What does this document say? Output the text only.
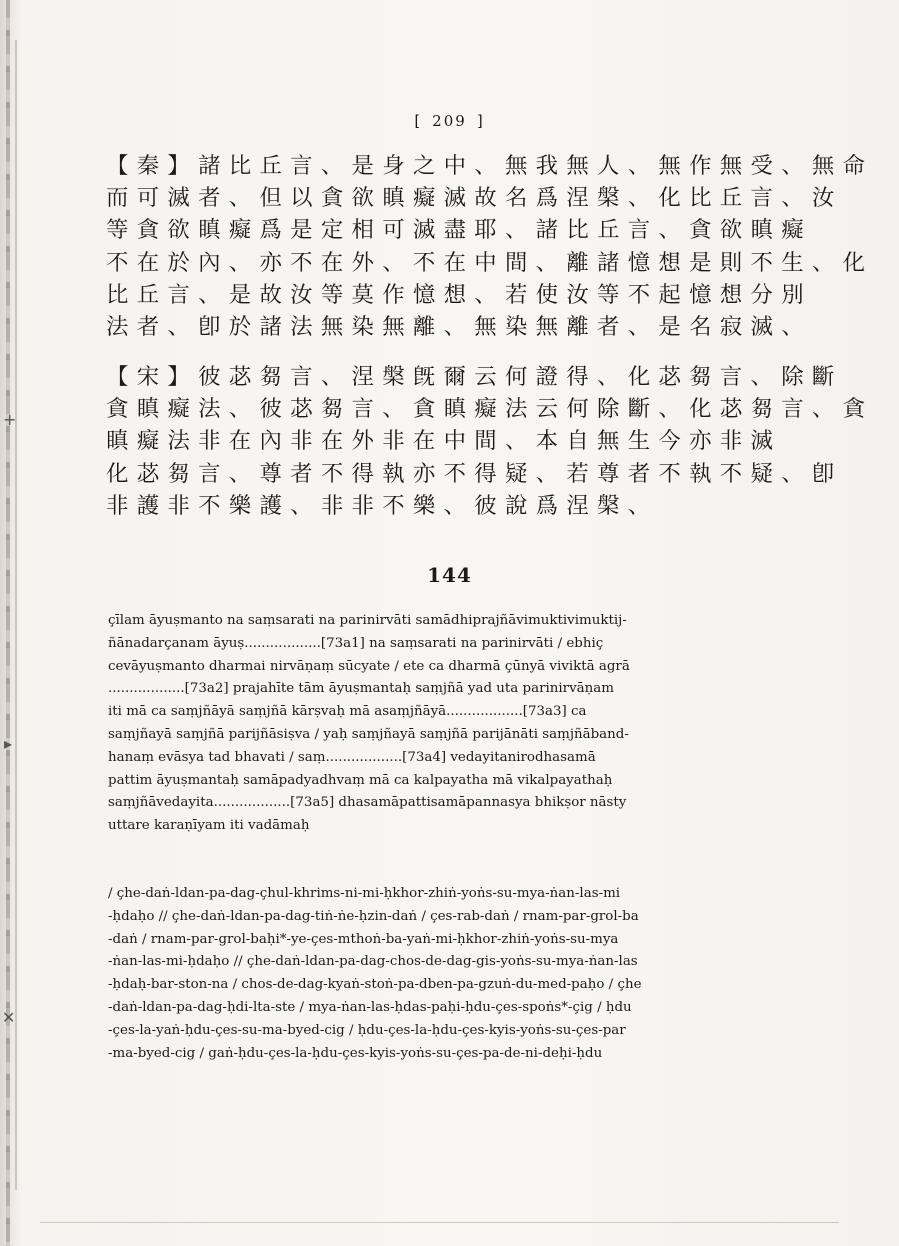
+
▸
✕
[ 209 ]
【秦】諸比丘言、是身之中、無我無人、無作無受、無命
而可滅者、但以貪欲瞋癡滅故名爲涅槃、化比丘言、汝
等貪欲瞋癡爲是定相可滅盡耶、諸比丘言、貪欲瞋癡
不在於內、亦不在外、不在中間、離諸憶想是則不生、化
比丘言、是故汝等莫作憶想、若使汝等不起憶想分別
法者、卽於諸法無染無離、無染無離者、是名寂滅、
【宋】彼苾芻言、涅槃旣爾云何證得、化苾芻言、除斷
貪瞋癡法、彼苾芻言、貪瞋癡法云何除斷、化苾芻言、貪
瞋癡法非在內非在外非在中間、本自無生今亦非滅
化苾芻言、尊者不得執亦不得疑、若尊者不執不疑、卽
非護非不樂護、非非不樂、彼說爲涅槃、
144
çīlam āyuṣmanto na saṃsarati na parinirvāti samādhiprajñāvimuktivimuktij-
ñānadarçanam āyuṣ..................[73a1] na saṃsarati na parinirvāti / ebhiç
cevāyuṣmanto dharmai nirvāṇaṃ sūcyate / ete ca dharmā çūnyā viviktā agrā
..................[73a2] prajahīte tām āyuṣmantaḥ saṃjñā yad uta parinirvāṇam
iti mā ca saṃjñāyā saṃjñā kārṣvaḥ mā asaṃjñāyā..................[73a3] ca
saṃjñayā saṃjñā parijñāsiṣva / yaḥ saṃjñayā saṃjñā parijānāti saṃjñāband-
hanaṃ evāsya tad bhavati / saṃ..................[73a4] vedayitanirodhasamā
pattim āyuṣmantaḥ samāpadyadhvaṃ mā ca kalpayatha mā vikalpayathaḥ
saṃjñāvedayita..................[73a5] dhasamāpattisamāpannasya bhikṣor nāsty
uttare karaṇīyam iti vadāmaḥ
/ çhe-daṅ-ldan-pa-dag-çhul-khrims-ni-mi-ḥkhor-zhiṅ-yoṅs-su-mya-ṅan-las-mi
-ḥdaḥo // çhe-daṅ-ldan-pa-dag-tiṅ-ṅe-ḥzin-daṅ / çes-rab-daṅ / rnam-par-grol-ba
-daṅ / rnam-par-grol-baḥi*-ye-çes-mthoṅ-ba-yaṅ-mi-ḥkhor-zhiṅ-yoṅs-su-mya
-ṅan-las-mi-ḥdaḥo // çhe-daṅ-ldan-pa-dag-chos-de-dag-gis-yoṅs-su-mya-ṅan-las
-ḥdaḥ-bar-ston-na / chos-de-dag-kyaṅ-stoṅ-pa-dben-pa-gzuṅ-du-med-paḥo / çhe
-daṅ-ldan-pa-dag-ḥdi-lta-ste / mya-ṅan-las-ḥdas-paḥi-ḥdu-çes-spoṅs*-çig / ḥdu
-çes-la-yaṅ-ḥdu-çes-su-ma-byed-cig / ḥdu-çes-la-ḥdu-çes-kyis-yoṅs-su-çes-par
-ma-byed-cig / gaṅ-ḥdu-çes-la-ḥdu-çes-kyis-yoṅs-su-çes-pa-de-ni-deḥi-ḥdu
